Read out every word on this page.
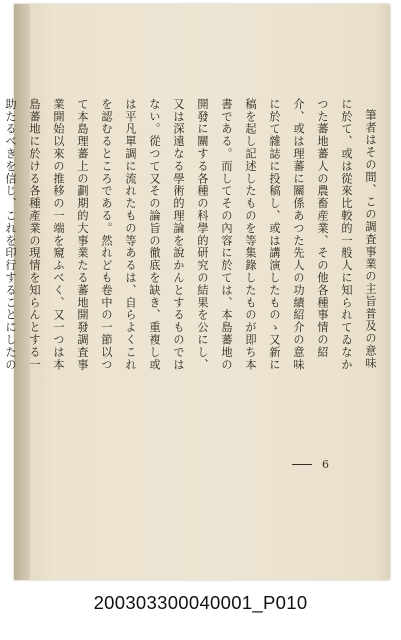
筆者はその間、この調査事業の主旨普及の意味に於て、或は從來比較的一般人に知られてゐなかつた蕃地蕃人の農畜産業、その他各種事情の紹介、或は理蕃に關係あつた先人の功績紹介の意味に於て雜誌に投稿し、或は講演したものゝ又新に稿を起し記述したものを等集錄したものが即ち本書である。而してその內容に於ては、本島蕃地の開發に關する各種の科學的研究の結果を公にし、又は深遠なる學術的理論を說かんとするものではない。從つて又その論旨の徹底を缺き、重複し或は平凡單調に流れたもの等あるは、自らよくこれを認むるところである。然れども卷中の一節以つて本島理蕃上の劃期的大事業たる蕃地開發調査事業開始以來の推移の一端を窺ふべく、又一つは本島蕃地に於ける各種產業の現情を知らんとする一助たるべきを信じ、これを印行することにしたの

6
200303300040001_P010
